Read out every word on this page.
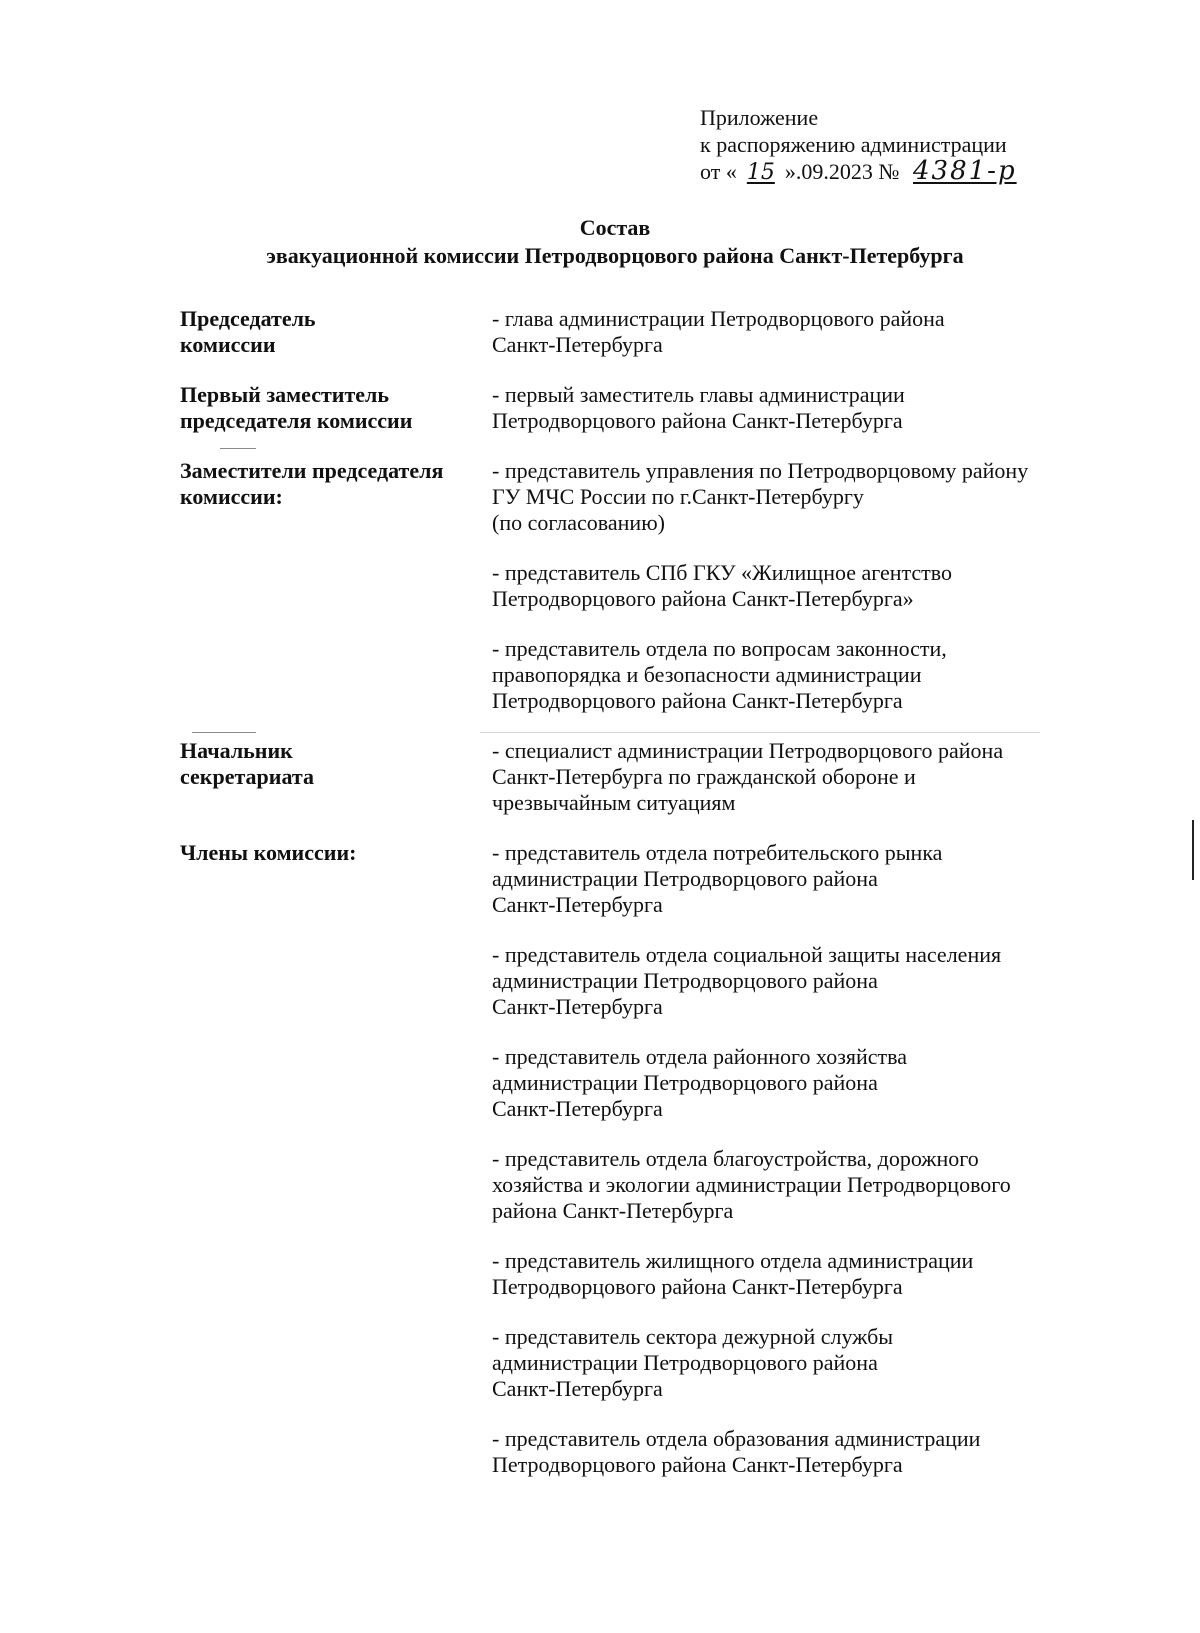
Приложение
к распоряжению администрации
от « 15 ».09.2023 № 4381-р
Состав
эвакуационной комиссии Петродворцового района Санкт-Петербурга
Председатель
комиссии
- глава администрации Петродворцового района
Санкт-Петербурга
Первый заместитель
председателя комиссии
- первый заместитель главы администрации
Петродворцового района Санкт-Петербурга
Заместители председателя
комиссии:
- представитель управления по Петродворцовому району
ГУ МЧС России по г.Санкт-Петербургу
(по согласованию)
- представитель СПб ГКУ «Жилищное агентство
Петродворцового района Санкт-Петербурга»
- представитель отдела по вопросам законности,
правопорядка и безопасности администрации
Петродворцового района Санкт-Петербурга
Начальник
секретариата
- специалист администрации Петродворцового района
Санкт-Петербурга по гражданской обороне и
чрезвычайным ситуациям
Члены комиссии:	- представитель отдела потребительского рынка
администрации Петродворцового района
Санкт-Петербурга
- представитель отдела социальной защиты населения
администрации Петродворцового района
Санкт-Петербурга
- представитель отдела районного хозяйства
администрации Петродворцового района
Санкт-Петербурга
- представитель отдела благоустройства, дорожного
хозяйства и экологии администрации Петродворцового
района Санкт-Петербурга
- представитель жилищного отдела администрации
Петродворцового района Санкт-Петербурга
- представитель сектора дежурной службы
администрации Петродворцового района
Санкт-Петербурга
- представитель отдела образования администрации
Петродворцового района Санкт-Петербурга
